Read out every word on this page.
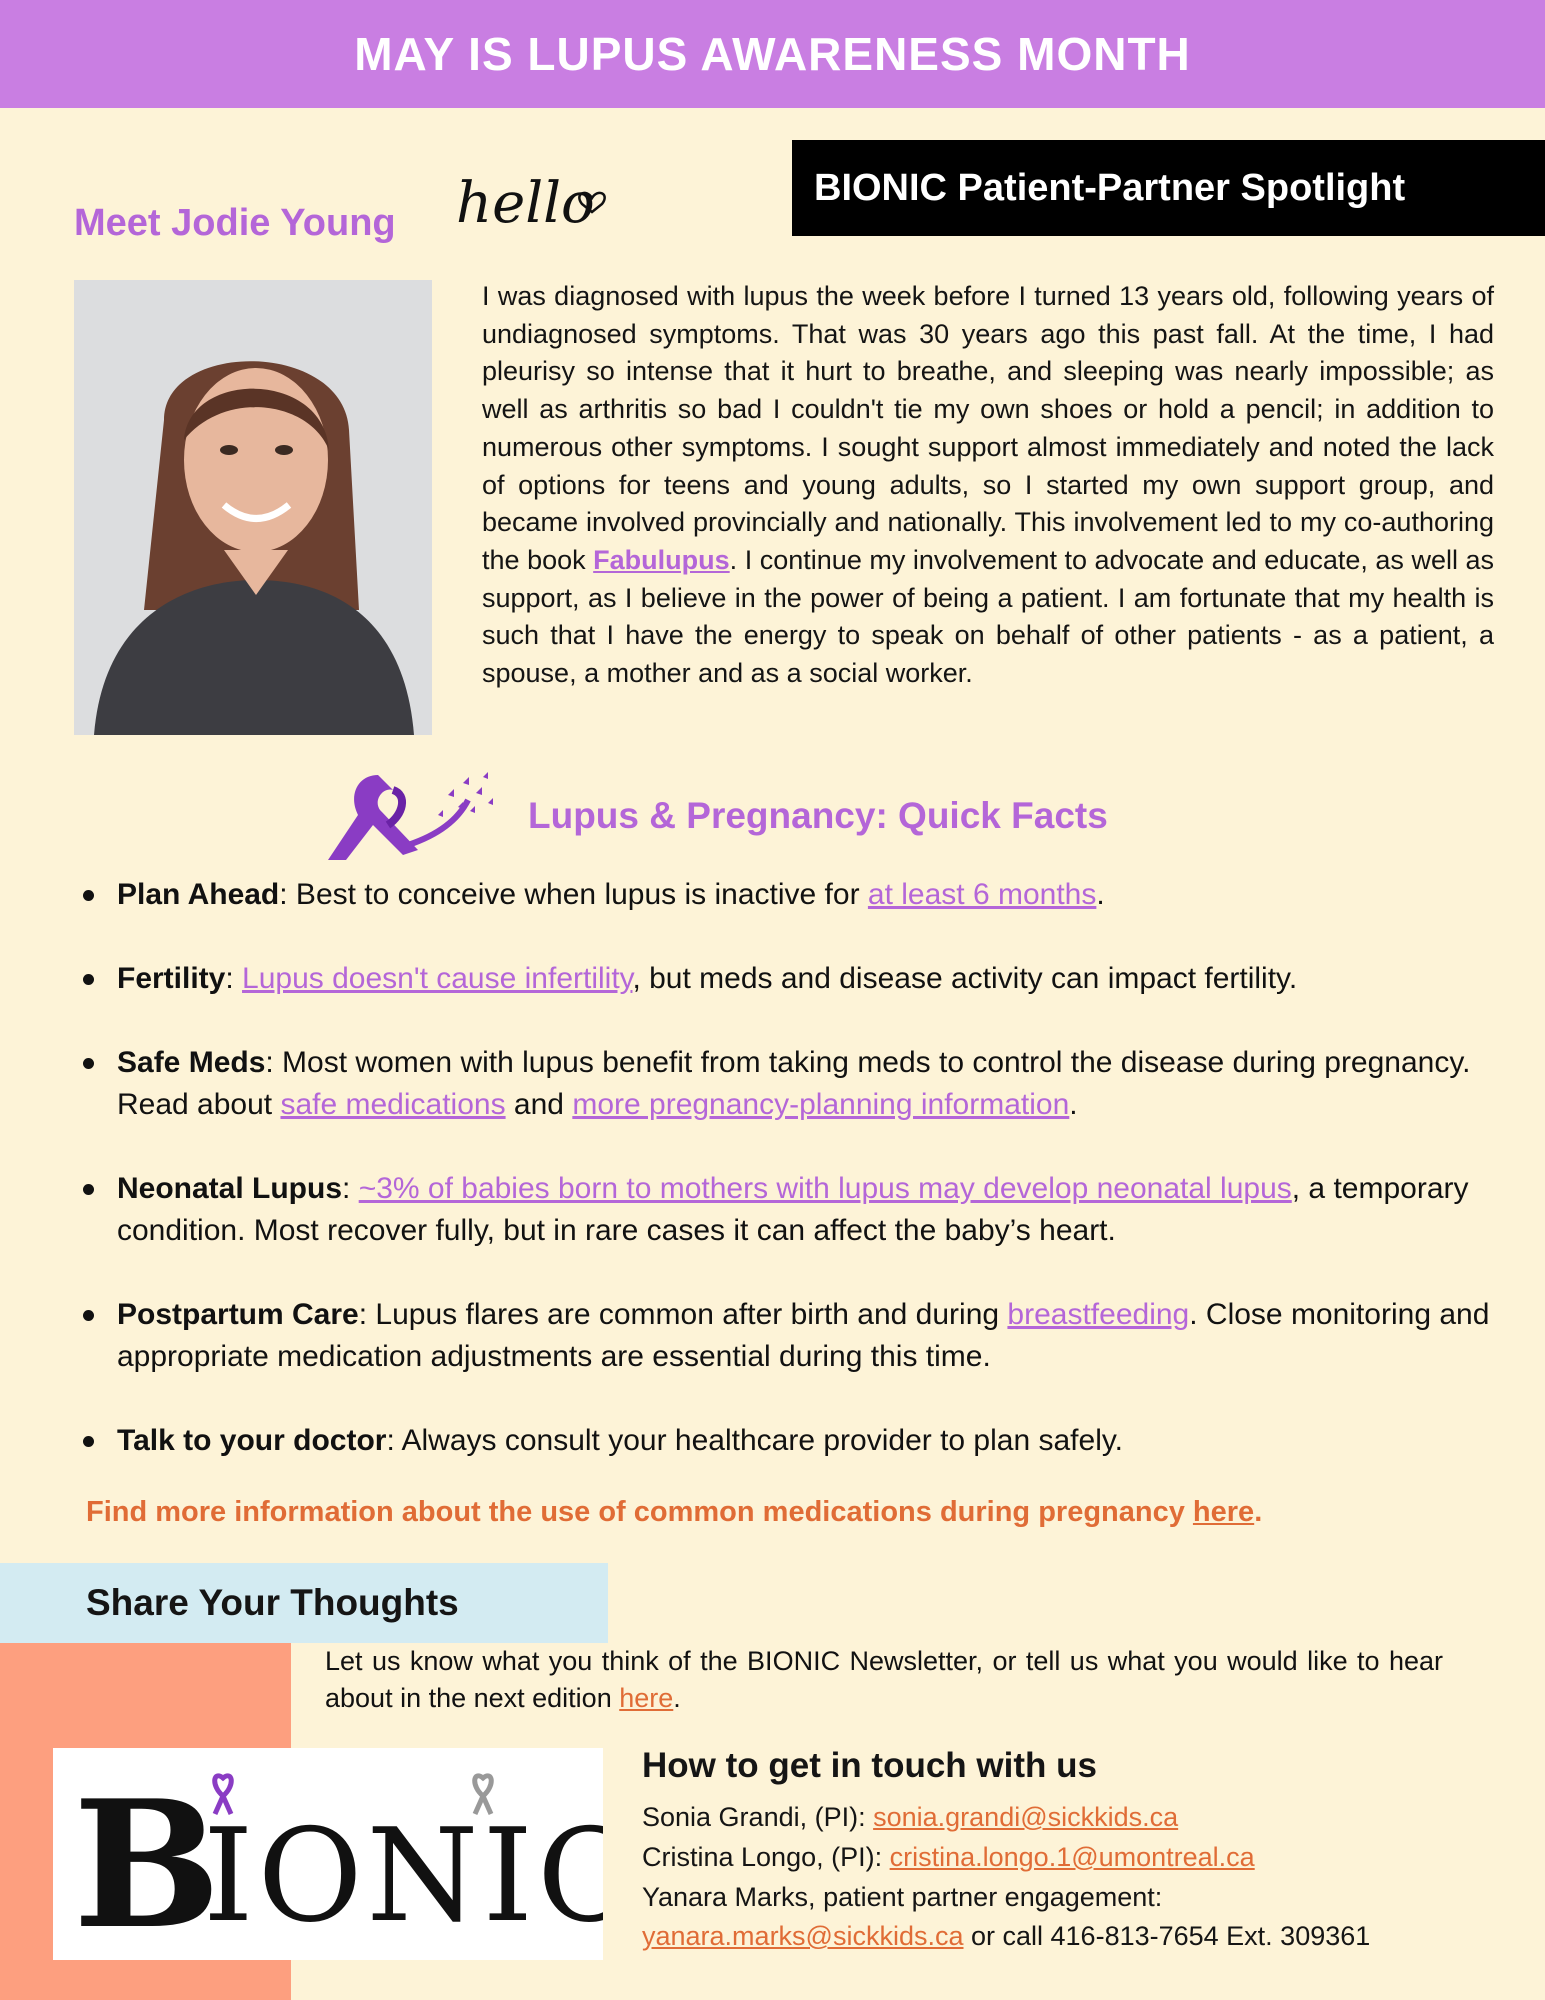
MAY IS LUPUS AWARENESS MONTH
Meet Jodie Young hello	BIONIC Patient-Partner Spotlight
I was diagnosed with lupus the week before I turned 13 years old, following years of undiagnosed symptoms. That was 30 years ago this past fall. At the time, I had pleurisy so intense that it hurt to breathe, and sleeping was nearly impossible; as well as arthritis so bad I couldn't tie my own shoes or hold a pencil; in addition to numerous other symptoms. I sought support almost immediately and noted the lack of options for teens and young adults, so I started my own support group, and became involved provincially and nationally. This involvement led to my co-authoring the book Fabulupus. I continue my involvement to advocate and educate, as well as support, as I believe in the power of being a patient. I am fortunate that my health is such that I have the energy to speak on behalf of other patients - as a patient, a spouse, a mother and as a social worker.
Lupus & Pregnancy: Quick Facts
Plan Ahead: Best to conceive when lupus is inactive for at least 6 months.
Fertility: Lupus doesn't cause infertility, but meds and disease activity can impact fertility.
Safe Meds: Most women with lupus benefit from taking meds to control the disease during pregnancy. Read about safe medications and more pregnancy-planning information.
Neonatal Lupus: ~3% of babies born to mothers with lupus may develop neonatal lupus, a temporary condition. Most recover fully, but in rare cases it can affect the baby’s heart.
Postpartum Care: Lupus flares are common after birth and during breastfeeding. Close monitoring and appropriate medication adjustments are essential during this time.
Talk to your doctor: Always consult your healthcare provider to plan safely.
Find more information about the use of common medications during pregnancy here.
Share Your Thoughts
Let us know what you think of the BIONIC Newsletter, or tell us what you would like to hear about in the next edition here.
B
IONIC
How to get in touch with us
Sonia Grandi, (PI): sonia.grandi@sickkids.ca
Cristina Longo, (PI): cristina.longo.1@umontreal.ca
Yanara Marks, patient partner engagement:
yanara.marks@sickkids.ca or call 416-813-7654 Ext. 309361
